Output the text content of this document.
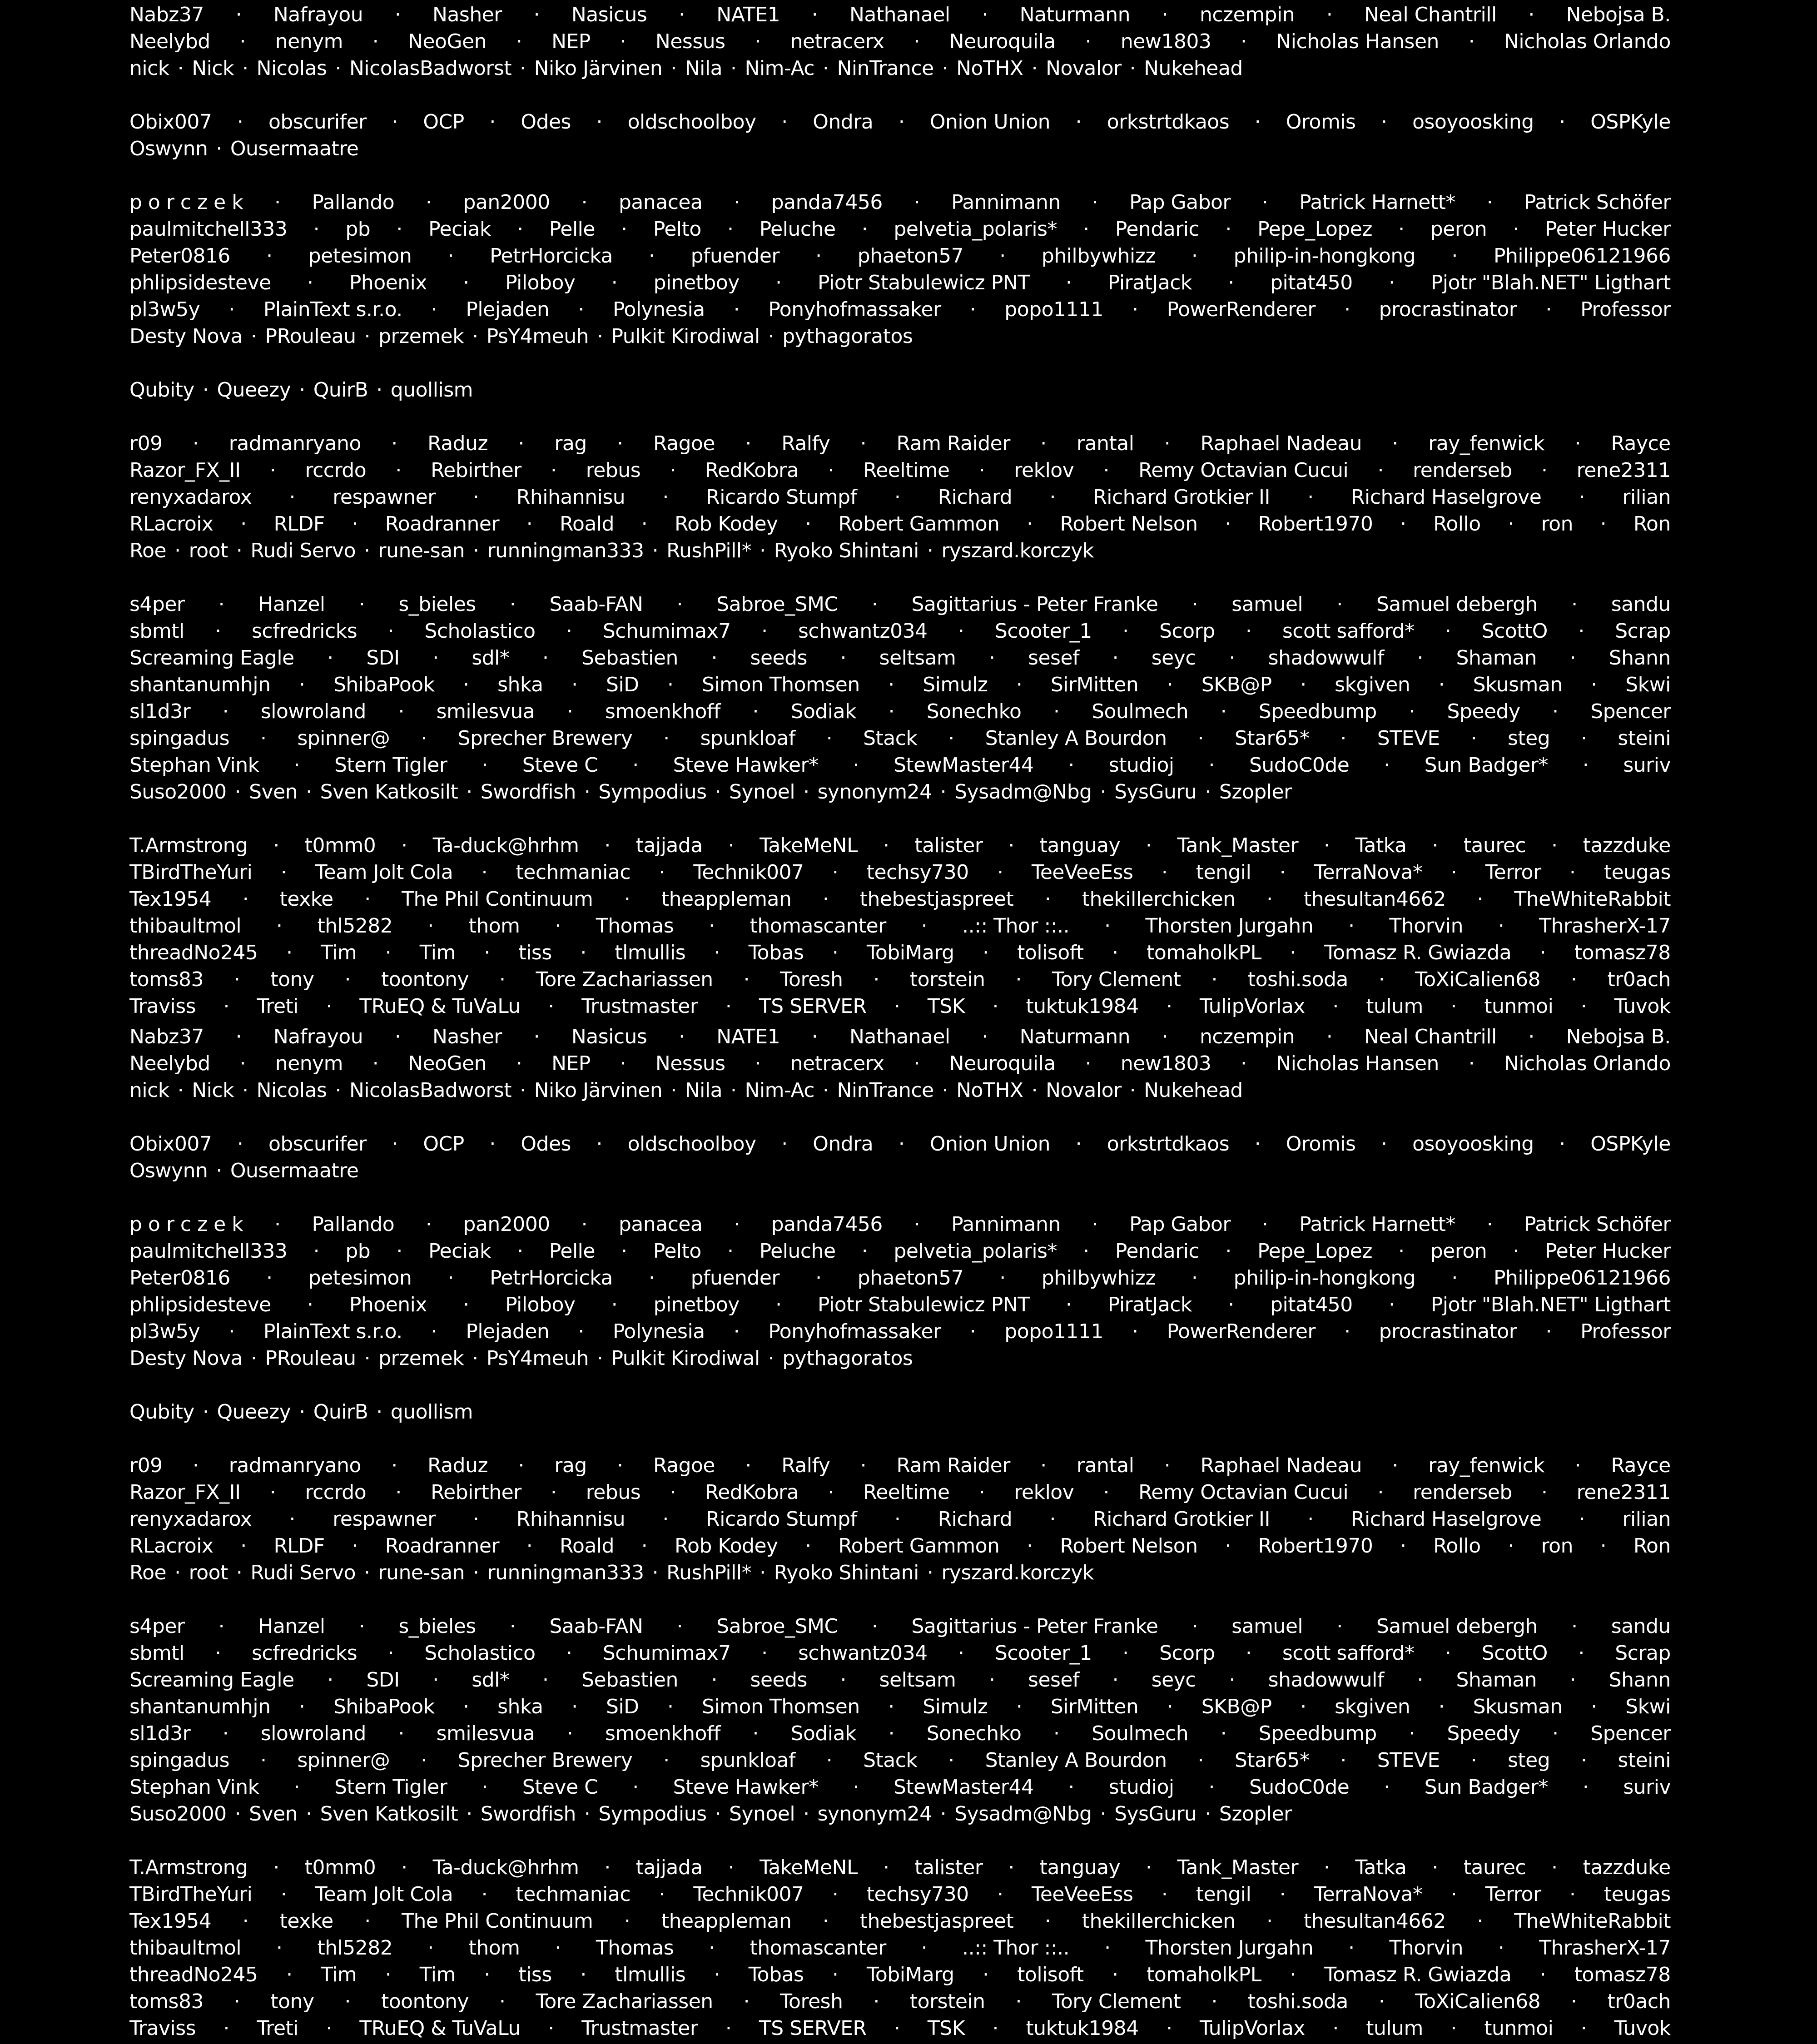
Nabz37 · Nafrayou · Nasher · Nasicus · NATE1 · Nathanael · Naturmann · nczempin · Neal Chantrill · Nebojsa B.
Neelybd · nenym · NeoGen · NEP · Nessus · netracerx · Neuroquila · new1803 · Nicholas Hansen · Nicholas Orlando
nick · Nick · Nicolas · NicolasBadworst · Niko Järvinen · Nila · Nim-Ac · NinTrance · NoTHX · Novalor · Nukehead
Obix007 · obscurifer · OCP · Odes · oldschoolboy · Ondra · Onion Union · orkstrtdkaos · Oromis · osoyoosking · OSPKyle
Oswynn · Ousermaatre
p o r c z e k · Pallando · pan2000 · panacea · panda7456 · Pannimann · Pap Gabor · Patrick Harnett* · Patrick Schöfer
paulmitchell333 · pb · Peciak · Pelle · Pelto · Peluche · pelvetia_polaris* · Pendaric · Pepe_Lopez · peron · Peter Hucker
Peter0816 · petesimon · PetrHorcicka · pfuender · phaeton57 · philbywhizz · philip-in-hongkong · Philippe06121966
phlipsidesteve · Phoenix · Piloboy · pinetboy · Piotr Stabulewicz PNT · PiratJack · pitat450 · Pjotr "Blah.NET" Ligthart
pl3w5y · PlainText s.r.o. · Plejaden · Polynesia · Ponyhofmassaker · popo1111 · PowerRenderer · procrastinator · Professor
Desty Nova · PRouleau · przemek · PsY4meuh · Pulkit Kirodiwal · pythagoratos
Qubity · Queezy · QuirB · quollism
r09 · radmanryano · Raduz · rag · Ragoe · Ralfy · Ram Raider · rantal · Raphael Nadeau · ray_fenwick · Rayce
Razor_FX_II · rccrdo · Rebirther · rebus · RedKobra · Reeltime · reklov · Remy Octavian Cucui · renderseb · rene2311
renyxadarox · respawner · Rhihannisu · Ricardo Stumpf · Richard · Richard Grotkier II · Richard Haselgrove · rilian
RLacroix · RLDF · Roadranner · Roald · Rob Kodey · Robert Gammon · Robert Nelson · Robert1970 · Rollo · ron · Ron
Roe · root · Rudi Servo · rune-san · runningman333 · RushPill* · Ryoko Shintani · ryszard.korczyk
s4per · Hanzel · s_bieles · Saab-FAN · Sabroe_SMC · Sagittarius - Peter Franke · samuel · Samuel debergh · sandu
sbmtl · scfredricks · Scholastico · Schumimax7 · schwantz034 · Scooter_1 · Scorp · scott safford* · ScottO · Scrap
Screaming Eagle · SDI · sdl* · Sebastien · seeds · seltsam · sesef · seyc · shadowwulf · Shaman · Shann
shantanumhjn · ShibaPook · shka · SiD · Simon Thomsen · Simulz · SirMitten · SKB@P · skgiven · Skusman · Skwi
sl1d3r · slowroland · smilesvua · smoenkhoff · Sodiak · Sonechko · Soulmech · Speedbump · Speedy · Spencer
spingadus · spinner@ · Sprecher Brewery · spunkloaf · Stack · Stanley A Bourdon · Star65* · STEVE · steg · steini
Stephan Vink · Stern Tigler · Steve C · Steve Hawker* · StewMaster44 · studioj · SudoC0de · Sun Badger* · suriv
Suso2000 · Sven · Sven Katkosilt · Swordfish · Sympodius · Synoel · synonym24 · Sysadm@Nbg · SysGuru · Szopler
T.Armstrong · t0mm0 · Ta-duck@hrhm · tajjada · TakeMeNL · talister · tanguay · Tank_Master · Tatka · taurec · tazzduke
TBirdTheYuri · Team Jolt Cola · techmaniac · Technik007 · techsy730 · TeeVeeEss · tengil · TerraNova* · Terror · teugas
Tex1954 · texke · The Phil Continuum · theappleman · thebestjaspreet · thekillerchicken · thesultan4662 · TheWhiteRabbit
thibaultmol · thl5282 · thom · Thomas · thomascanter · ..:: Thor ::.. · Thorsten Jurgahn · Thorvin · ThrasherX-17
threadNo245 · Tim · Tim · tiss · tlmullis · Tobas · TobiMarg · tolisoft · tomaholkPL · Tomasz R. Gwiazda · tomasz78
toms83 · tony · toontony · Tore Zachariassen · Toresh · torstein · Tory Clement · toshi.soda · ToXiCalien68 · tr0ach
Traviss · Treti · TRuEQ & TuVaLu · Trustmaster · TS SERVER · TSK · tuktuk1984 · TulipVorlax · tulum · tunmoi · Tuvok
Nabz37 · Nafrayou · Nasher · Nasicus · NATE1 · Nathanael · Naturmann · nczempin · Neal Chantrill · Nebojsa B.
Neelybd · nenym · NeoGen · NEP · Nessus · netracerx · Neuroquila · new1803 · Nicholas Hansen · Nicholas Orlando
nick · Nick · Nicolas · NicolasBadworst · Niko Järvinen · Nila · Nim-Ac · NinTrance · NoTHX · Novalor · Nukehead
Obix007 · obscurifer · OCP · Odes · oldschoolboy · Ondra · Onion Union · orkstrtdkaos · Oromis · osoyoosking · OSPKyle
Oswynn · Ousermaatre
p o r c z e k · Pallando · pan2000 · panacea · panda7456 · Pannimann · Pap Gabor · Patrick Harnett* · Patrick Schöfer
paulmitchell333 · pb · Peciak · Pelle · Pelto · Peluche · pelvetia_polaris* · Pendaric · Pepe_Lopez · peron · Peter Hucker
Peter0816 · petesimon · PetrHorcicka · pfuender · phaeton57 · philbywhizz · philip-in-hongkong · Philippe06121966
phlipsidesteve · Phoenix · Piloboy · pinetboy · Piotr Stabulewicz PNT · PiratJack · pitat450 · Pjotr "Blah.NET" Ligthart
pl3w5y · PlainText s.r.o. · Plejaden · Polynesia · Ponyhofmassaker · popo1111 · PowerRenderer · procrastinator · Professor
Desty Nova · PRouleau · przemek · PsY4meuh · Pulkit Kirodiwal · pythagoratos
Qubity · Queezy · QuirB · quollism
r09 · radmanryano · Raduz · rag · Ragoe · Ralfy · Ram Raider · rantal · Raphael Nadeau · ray_fenwick · Rayce
Razor_FX_II · rccrdo · Rebirther · rebus · RedKobra · Reeltime · reklov · Remy Octavian Cucui · renderseb · rene2311
renyxadarox · respawner · Rhihannisu · Ricardo Stumpf · Richard · Richard Grotkier II · Richard Haselgrove · rilian
RLacroix · RLDF · Roadranner · Roald · Rob Kodey · Robert Gammon · Robert Nelson · Robert1970 · Rollo · ron · Ron
Roe · root · Rudi Servo · rune-san · runningman333 · RushPill* · Ryoko Shintani · ryszard.korczyk
s4per · Hanzel · s_bieles · Saab-FAN · Sabroe_SMC · Sagittarius - Peter Franke · samuel · Samuel debergh · sandu
sbmtl · scfredricks · Scholastico · Schumimax7 · schwantz034 · Scooter_1 · Scorp · scott safford* · ScottO · Scrap
Screaming Eagle · SDI · sdl* · Sebastien · seeds · seltsam · sesef · seyc · shadowwulf · Shaman · Shann
shantanumhjn · ShibaPook · shka · SiD · Simon Thomsen · Simulz · SirMitten · SKB@P · skgiven · Skusman · Skwi
sl1d3r · slowroland · smilesvua · smoenkhoff · Sodiak · Sonechko · Soulmech · Speedbump · Speedy · Spencer
spingadus · spinner@ · Sprecher Brewery · spunkloaf · Stack · Stanley A Bourdon · Star65* · STEVE · steg · steini
Stephan Vink · Stern Tigler · Steve C · Steve Hawker* · StewMaster44 · studioj · SudoC0de · Sun Badger* · suriv
Suso2000 · Sven · Sven Katkosilt · Swordfish · Sympodius · Synoel · synonym24 · Sysadm@Nbg · SysGuru · Szopler
T.Armstrong · t0mm0 · Ta-duck@hrhm · tajjada · TakeMeNL · talister · tanguay · Tank_Master · Tatka · taurec · tazzduke
TBirdTheYuri · Team Jolt Cola · techmaniac · Technik007 · techsy730 · TeeVeeEss · tengil · TerraNova* · Terror · teugas
Tex1954 · texke · The Phil Continuum · theappleman · thebestjaspreet · thekillerchicken · thesultan4662 · TheWhiteRabbit
thibaultmol · thl5282 · thom · Thomas · thomascanter · ..:: Thor ::.. · Thorsten Jurgahn · Thorvin · ThrasherX-17
threadNo245 · Tim · Tim · tiss · tlmullis · Tobas · TobiMarg · tolisoft · tomaholkPL · Tomasz R. Gwiazda · tomasz78
toms83 · tony · toontony · Tore Zachariassen · Toresh · torstein · Tory Clement · toshi.soda · ToXiCalien68 · tr0ach
Traviss · Treti · TRuEQ & TuVaLu · Trustmaster · TS SERVER · TSK · tuktuk1984 · TulipVorlax · tulum · tunmoi · Tuvok
